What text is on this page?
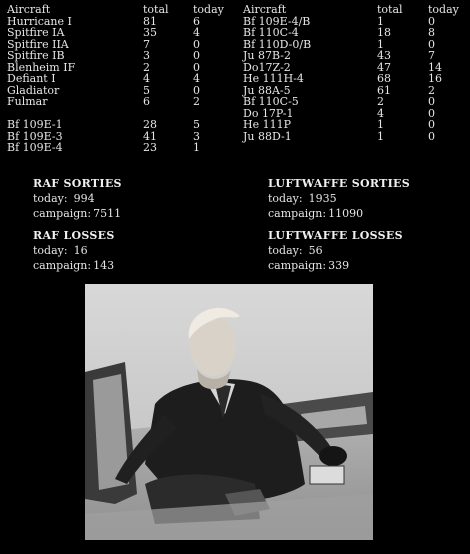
Aircraft	total today
Hurricane I	81	6
Spitfire IA	35	4
Spitfire IIA	7	0
Spitfire IB	3	0
Blenheim IF	2	0
Defiant I	4	4
Gladiator	5	0
Fulmar	6	2
Bf 109E-1	28	5
Bf 109E-3	41	3
Bf 109E-4	23	1
Aircraft	total today
Bf 109E-4/B	1	0
Bf 110C-4	18	8
Bf 110D-0/B	1	0
Ju 87B-2	43	7
Do17Z-2	47	14
He 111H-4	68	16
Ju 88A-5	61	2
Bf 110C-5	2	0
Do 17P-1	4	0
He 111P	1	0
Ju 88D-1	1	0
RAF SORTIES
today: 994
campaign: 7511
LUFTWAFFE SORTIES
today: 1935
campaign: 11090
RAF LOSSES
today: 16
campaign: 143
LUFTWAFFE LOSSES
today: 56
campaign: 339
